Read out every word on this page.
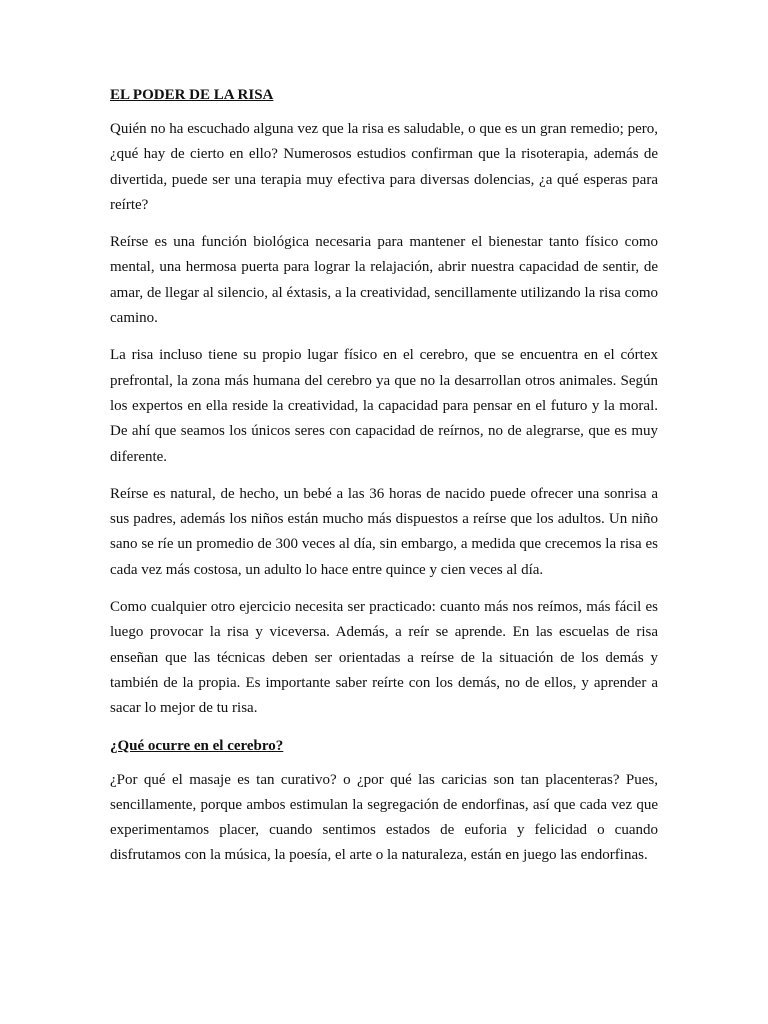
EL PODER DE LA RISA

Quién no ha escuchado alguna vez que la risa es saludable, o que es un gran remedio; pero, ¿qué hay de cierto en ello? Numerosos estudios confirman que la risoterapia, además de divertida, puede ser una terapia muy efectiva para diversas dolencias, ¿a qué esperas para reírte?

Reírse es una función biológica necesaria para mantener el bienestar tanto físico como mental, una hermosa puerta para lograr la relajación, abrir nuestra capacidad de sentir, de amar, de llegar al silencio, al éxtasis, a la creatividad, sencillamente utilizando la risa como camino.

La risa incluso tiene su propio lugar físico en el cerebro, que se encuentra en el córtex prefrontal, la zona más humana del cerebro ya que no la desarrollan otros animales. Según los expertos en ella reside la creatividad, la capacidad para pensar en el futuro y la moral. De ahí que seamos los únicos seres con capacidad de reírnos, no de alegrarse, que es muy diferente.

Reírse es natural, de hecho, un bebé a las 36 horas de nacido puede ofrecer una sonrisa a sus padres, además los niños están mucho más dispuestos a reírse que los adultos. Un niño sano se ríe un promedio de 300 veces al día, sin embargo, a medida que crecemos la risa es cada vez más costosa, un adulto lo hace entre quince y cien veces al día.

Como cualquier otro ejercicio necesita ser practicado: cuanto más nos reímos, más fácil es luego provocar la risa y viceversa. Además, a reír se aprende. En las escuelas de risa enseñan que las técnicas deben ser orientadas a reírse de la situación de los demás y también de la propia. Es importante saber reírte con los demás, no de ellos, y aprender a sacar lo mejor de tu risa.

¿Qué ocurre en el cerebro?

¿Por qué el masaje es tan curativo? o ¿por qué las caricias son tan placenteras? Pues, sencillamente, porque ambos estimulan la segregación de endorfinas, así que cada vez que experimentamos placer, cuando sentimos estados de euforia y felicidad o cuando disfrutamos con la música, la poesía, el arte o la naturaleza, están en juego las endorfinas.
